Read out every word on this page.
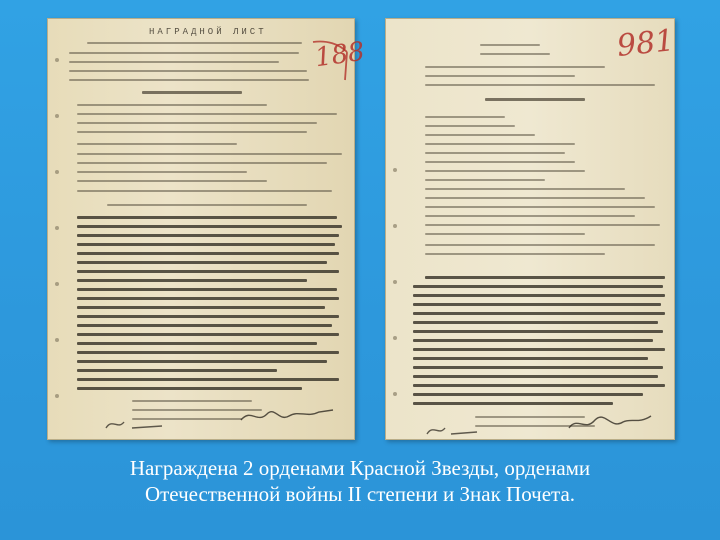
НАГРАДНОЙ ЛИСТ
188	981
Награждена 2 орденами Красной Звезды, орденами
Отечественной войны II степени и Знак Почета.
